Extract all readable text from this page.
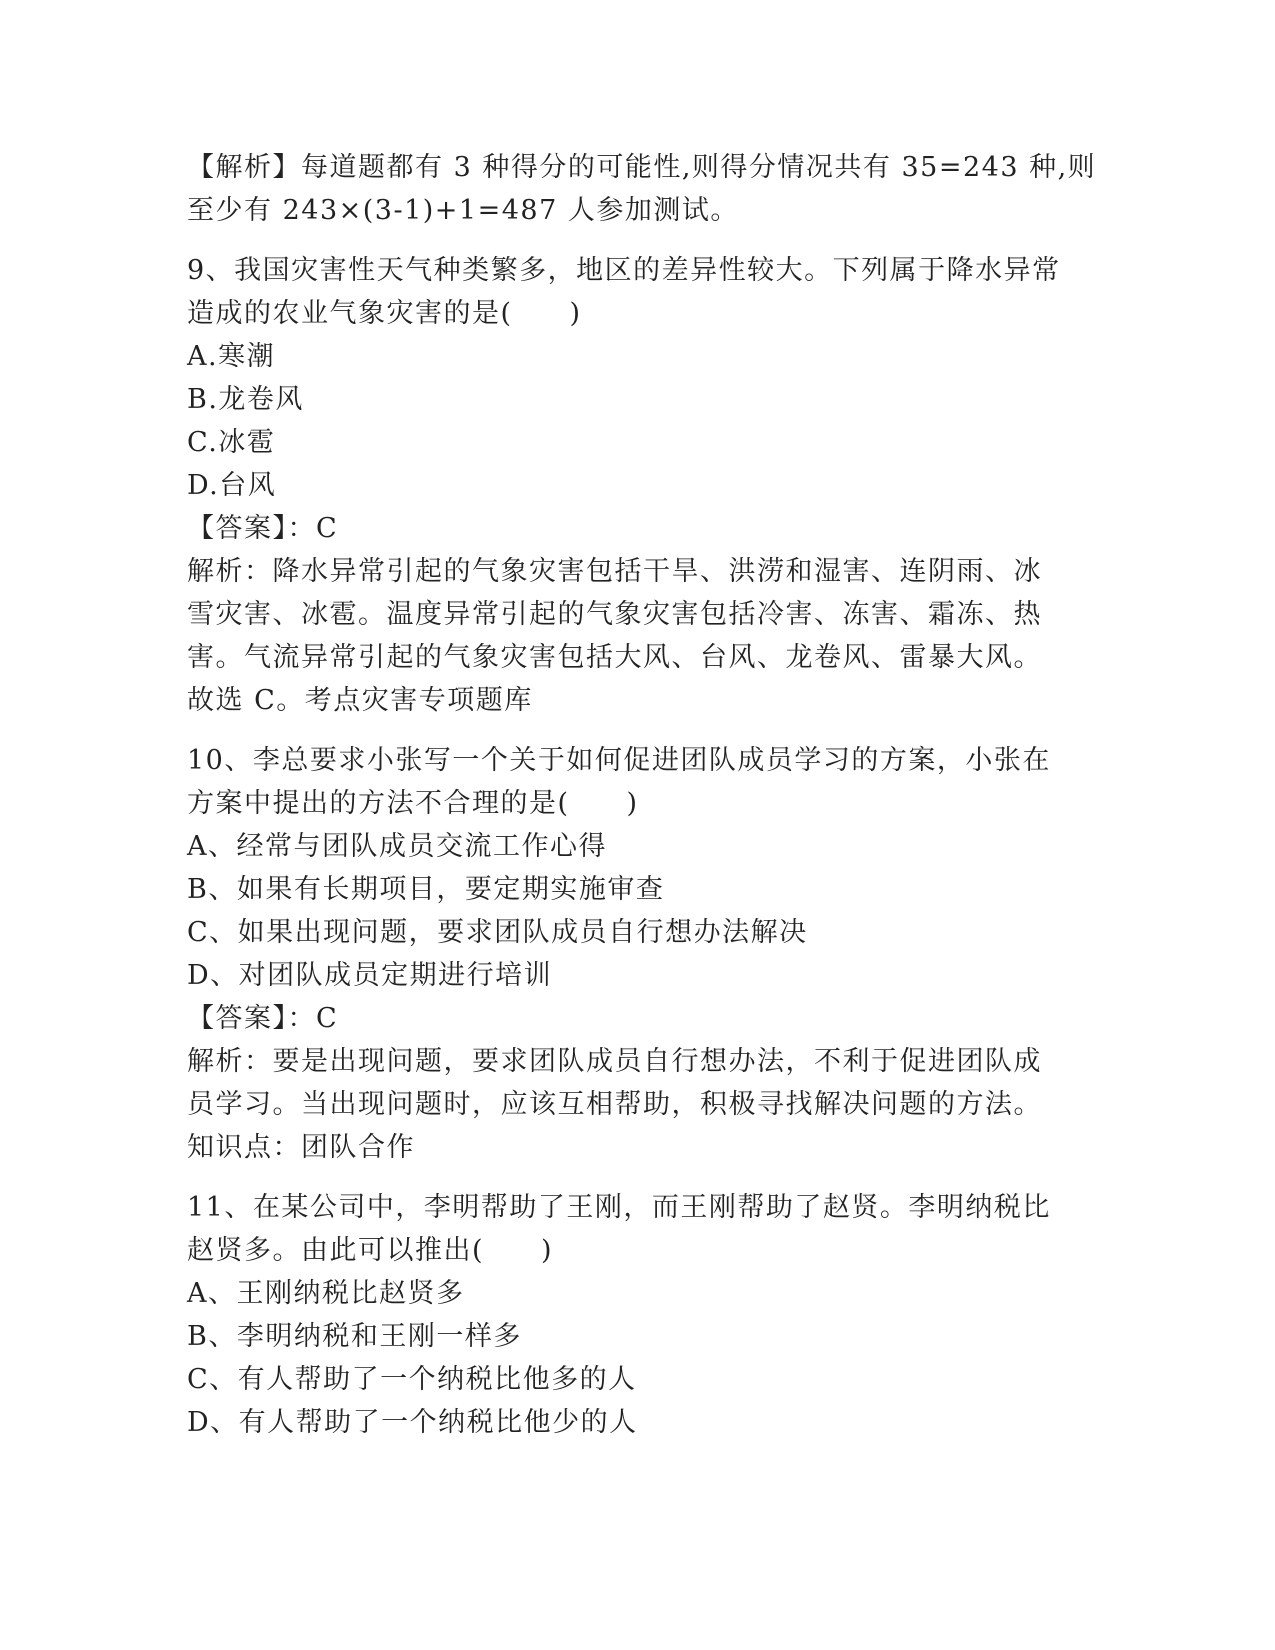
【解析】每道题都有 3 种得分的可能性,则得分情况共有 35=243 种,则
至少有 243×(3-1)+1=487 人参加测试。
9、我国灾害性天气种类繁多，地区的差异性较大。下列属于降水异常
造成的农业气象灾害的是(　　)
A.寒潮
B.龙卷风
C.冰雹
D.台风
【答案】：C
解析：降水异常引起的气象灾害包括干旱、洪涝和湿害、连阴雨、冰
雪灾害、冰雹。温度异常引起的气象灾害包括冷害、冻害、霜冻、热
害。气流异常引起的气象灾害包括大风、台风、龙卷风、雷暴大风。
故选 C。考点灾害专项题库
10、李总要求小张写一个关于如何促进团队成员学习的方案，小张在
方案中提出的方法不合理的是(　　)
A、经常与团队成员交流工作心得
B、如果有长期项目，要定期实施审查
C、如果出现问题，要求团队成员自行想办法解决
D、对团队成员定期进行培训
【答案】：C
解析：要是出现问题，要求团队成员自行想办法，不利于促进团队成
员学习。当出现问题时，应该互相帮助，积极寻找解决问题的方法。
知识点：团队合作
11、在某公司中，李明帮助了王刚，而王刚帮助了赵贤。李明纳税比
赵贤多。由此可以推出(　　)
A、王刚纳税比赵贤多
B、李明纳税和王刚一样多
C、有人帮助了一个纳税比他多的人
D、有人帮助了一个纳税比他少的人
